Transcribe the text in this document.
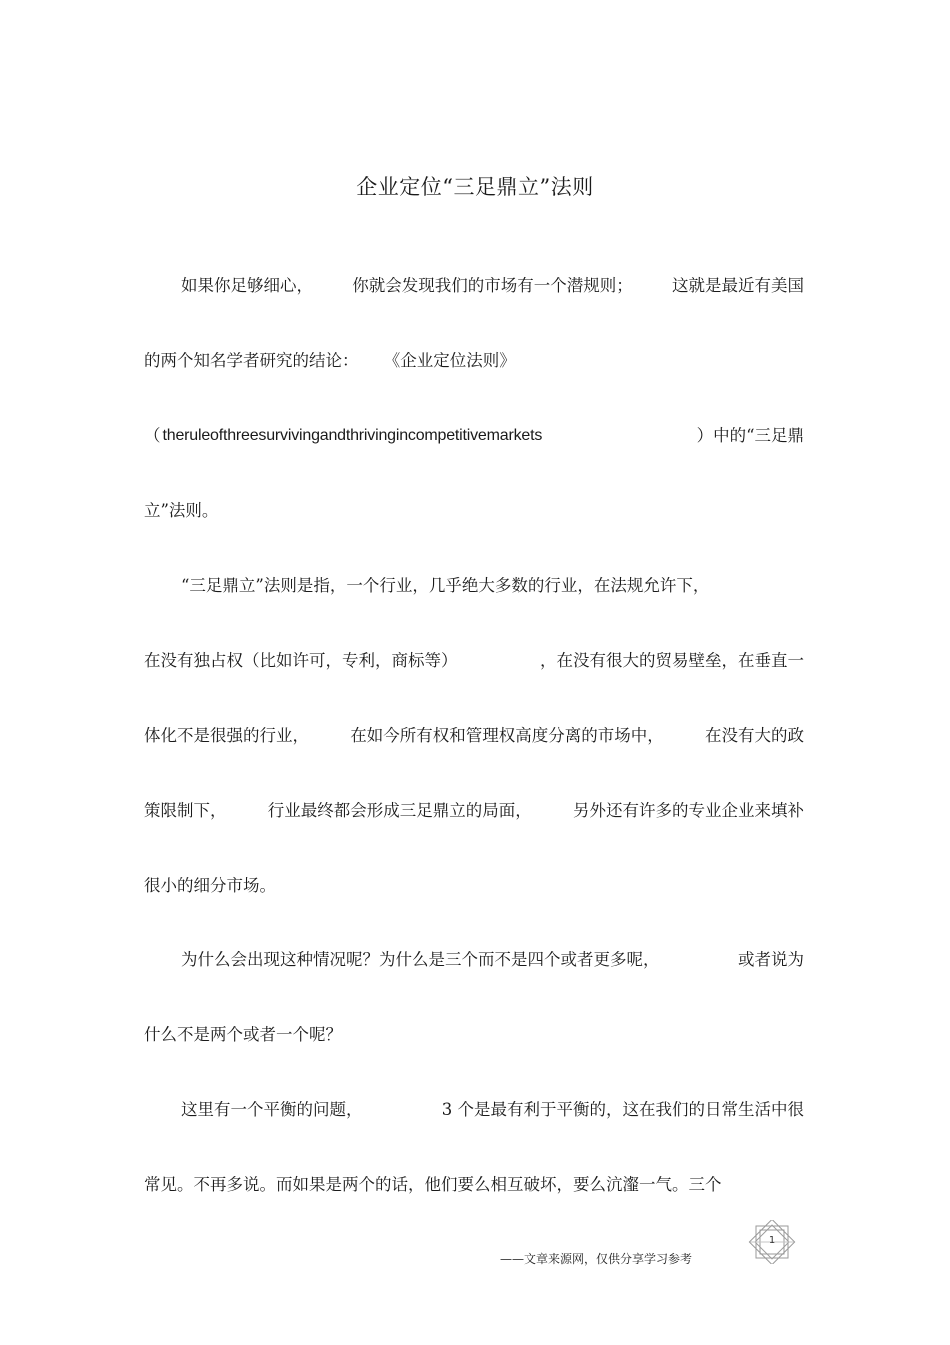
企业定位“三足鼎立”法则
如果你足够细心， 你就会发现我们的市场有一个潜规则； 这就是最近有美国
的两个知名学者研究的结论： 《企业定位法则》
（ theruleofthreesurvivingandthrivingincompetitivemarkets	）中的“三足鼎
立”法则。
“三足鼎立”法则是指，一个行业，几乎绝大多数的行业，在法规允许下，
在没有独占权（比如许可，专利，商标等）	，在没有很大的贸易壁垒，在垂直一
体化不是很强的行业，	在如今所有权和管理权高度分离的市场中，	在没有大的政
策限制下，	行业最终都会形成三足鼎立的局面，	另外还有许多的专业企业来填补
很小的细分市场。
为什么会出现这种情况呢？为什么是三个而不是四个或者更多呢，	或者说为
什么不是两个或者一个呢？
这里有一个平衡的问题，	3 个是最有利于平衡的，这在我们的日常生活中很
常见。不再多说。而如果是两个的话，他们要么相互破坏，要么沆瀣一气。三个
——文章来源网，仅供分享学习参考
1
